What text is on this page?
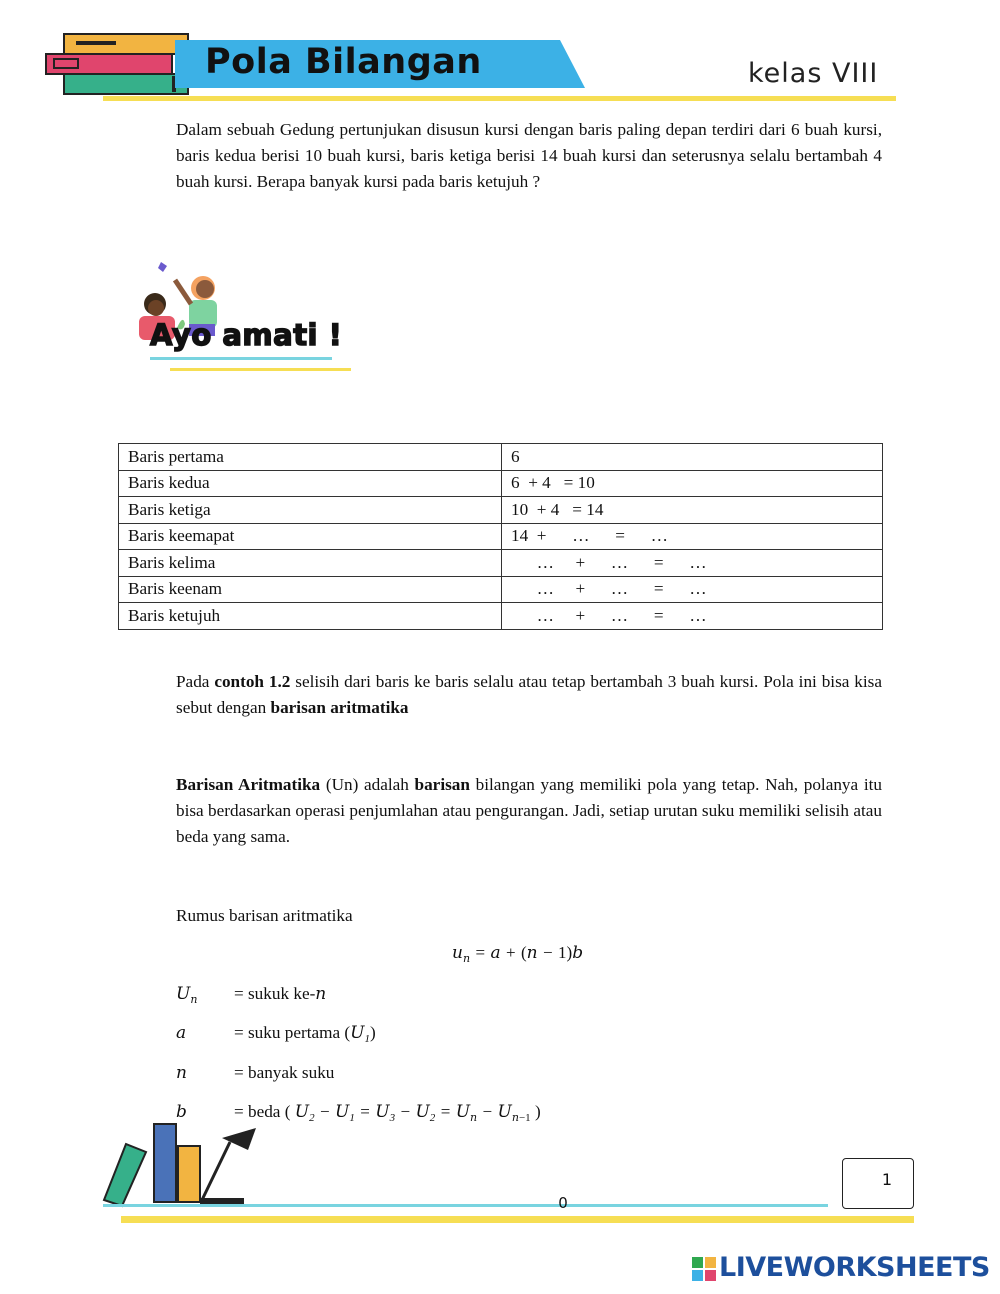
Pola Bilangan	kelas VIII
Dalam sebuah Gedung pertunjukan disusun kursi dengan baris paling depan terdiri dari 6 buah kursi, baris kedua berisi 10 buah kursi, baris ketiga berisi 14 buah kursi dan seterusnya selalu bertambah 4 buah kursi. Berapa banyak kursi pada baris ketujuh ?
Ayo amati !
Baris pertama	6
Baris kedua	6  + 4   = 10
Baris ketiga	10  + 4   = 14
Baris keemapat	14  +      …      =      …
Baris kelima	…     +      …      =      …
Baris keenam	…     +      …      =      …
Baris ketujuh	…     +      …      =      …
Pada contoh 1.2 selisih dari baris ke baris selalu atau tetap bertambah 3 buah kursi. Pola ini bisa kisa sebut dengan barisan aritmatika
Barisan Aritmatika (Un) adalah barisan bilangan yang memiliki pola yang tetap. Nah, polanya itu bisa berdasarkan operasi penjumlahan atau pengurangan. Jadi, setiap urutan suku memiliki selisih atau beda yang sama.
Rumus barisan aritmatika
$u_n = a + (n - 1)b$
$U_n$ = sukuk ke-n
a	= suku pertama $(U_1)$
n	= banyak suku
b	= beda ( $U_2 - U_1 = U_3 - U_2 = U_n - U_{n-1}$ )
1
0
LIVEWORKSHEETS
